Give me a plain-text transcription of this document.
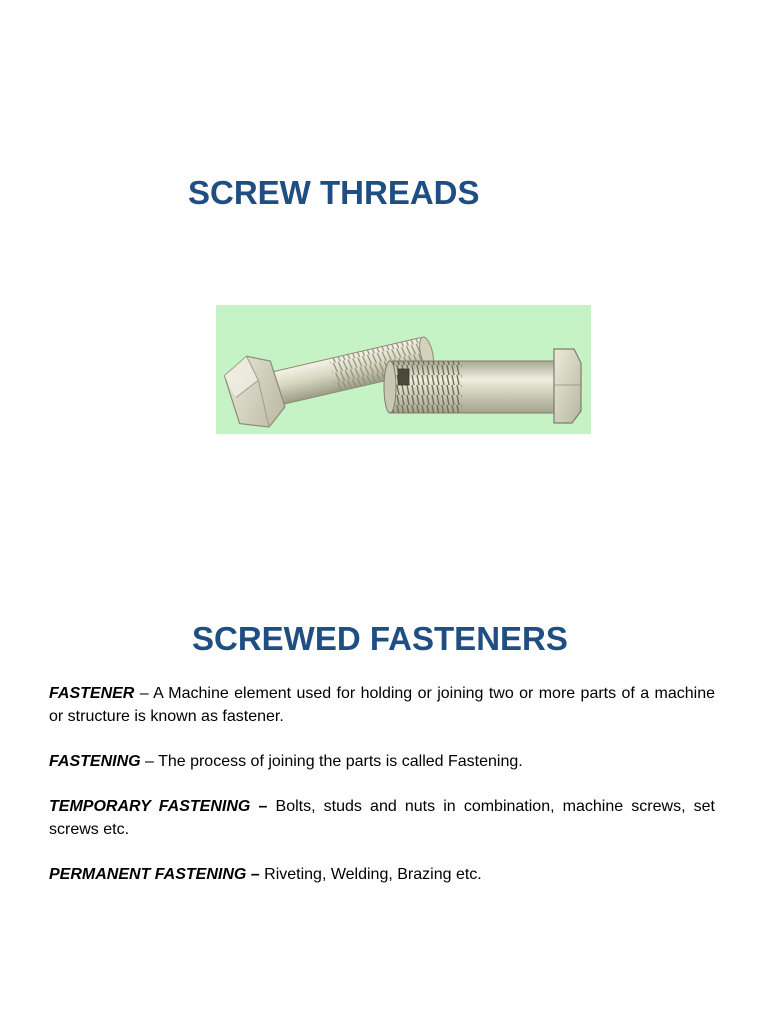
SCREW THREADS
SCREWED FASTENERS

FASTENER – A Machine element used for holding or joining two or more parts of a machine or structure is known as fastener.

FASTENING – The process of joining the parts is called Fastening.

TEMPORARY FASTENING – Bolts, studs and nuts in combination, machine screws, set screws etc.

PERMANENT FASTENING – Riveting, Welding, Brazing etc.
